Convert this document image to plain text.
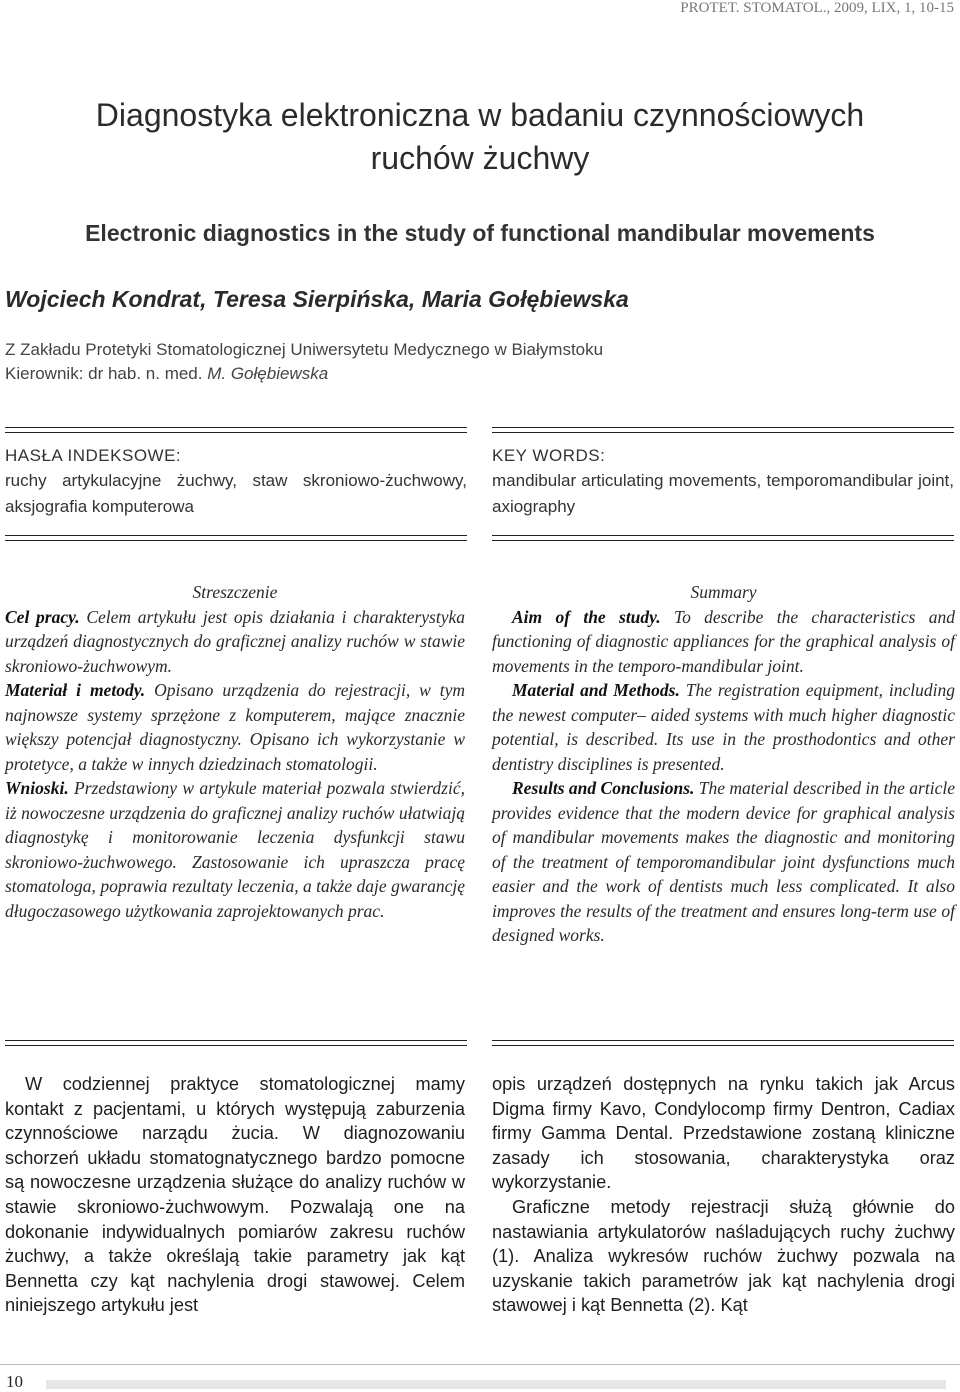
PROTET. STOMATOL., 2009, LIX, 1, 10-15
Diagnostyka elektroniczna w badaniu czynnościowych
ruchów żuchwy
Electronic diagnostics in the study of functional mandibular movements
Wojciech Kondrat, Teresa Sierpińska, Maria Gołębiewska
Z Zakładu Protetyki Stomatologicznej Uniwersytetu Medycznego w Białymstoku
Kierownik: dr hab. n. med. M. Gołębiewska
HASŁA INDEKSOWE:
ruchy artykulacyjne żuchwy, staw skroniowo-żuchwowy, aksjografia komputerowa
KEY WORDS:
mandibular articulating movements, temporomandibular joint, axiography

Streszczenie

Cel pracy. Celem artykułu jest opis działania i charakterystyka urządzeń diagnostycznych do graficznej analizy ruchów w stawie skroniowo-żuchwowym.

Materiał i metody. Opisano urządzenia do rejestracji, w tym najnowsze systemy sprzężone z komputerem, mające znacznie większy potencjał diagnostyczny. Opisano ich wykorzystanie w protetyce, a także w innych dziedzinach stomatologii.

Wnioski. Przedstawiony w artykule materiał pozwala stwierdzić, iż nowoczesne urządzenia do graficznej analizy ruchów ułatwiają diagnostykę i monitorowanie leczenia dysfunkcji stawu skroniowo-żuchwowego. Zastosowanie ich upraszcza pracę stomatologa, poprawia rezultaty leczenia, a także daje gwarancję długoczasowego użytkowania zaprojektowanych prac.

Summary

Aim of the study. To describe the characteristics and functioning of diagnostic appliances for the graphical analysis of movements in the temporo-mandibular joint.

Material and Methods. The registration equipment, including the newest computer– aided systems with much higher diagnostic potential, is described. Its use in the prosthodontics and other dentistry disciplines is presented.

Results and Conclusions. The material described in the article provides evidence that the modern device for graphical analysis of mandibular movements makes the diagnostic and monitoring of the treatment of temporomandibular joint dysfunctions much easier and the work of dentists much less complicated. It also improves the results of the treatment and ensures long-term use of designed works.

W codziennej praktyce stomatologicznej mamy kontakt z pacjentami, u których występują zaburzenia czynnościowe narządu żucia. W diagnozowaniu schorzeń układu stomatognatycznego bardzo pomocne są nowoczesne urządzenia służące do analizy ruchów w stawie skroniowo-żuchwowym. Pozwalają one na dokonanie indywidualnych pomiarów zakresu ruchów żuchwy, a także określają takie parametry jak kąt Bennetta czy kąt nachylenia drogi stawowej. Celem niniejszego artykułu jest

opis urządzeń dostępnych na rynku takich jak Arcus Digma firmy Kavo, Condylocomp firmy Dentron, Cadiax firmy Gamma Dental. Przedstawione zostaną kliniczne zasady ich stosowania, charakterystyka oraz wykorzystanie.

Graficzne metody rejestracji służą głównie do nastawiania artykulatorów naśladujących ruchy żuchwy (1). Analiza wykresów ruchów żuchwy pozwala na uzyskanie takich parametrów jak kąt nachylenia drogi stawowej i kąt Bennetta (2). Kąt

10
